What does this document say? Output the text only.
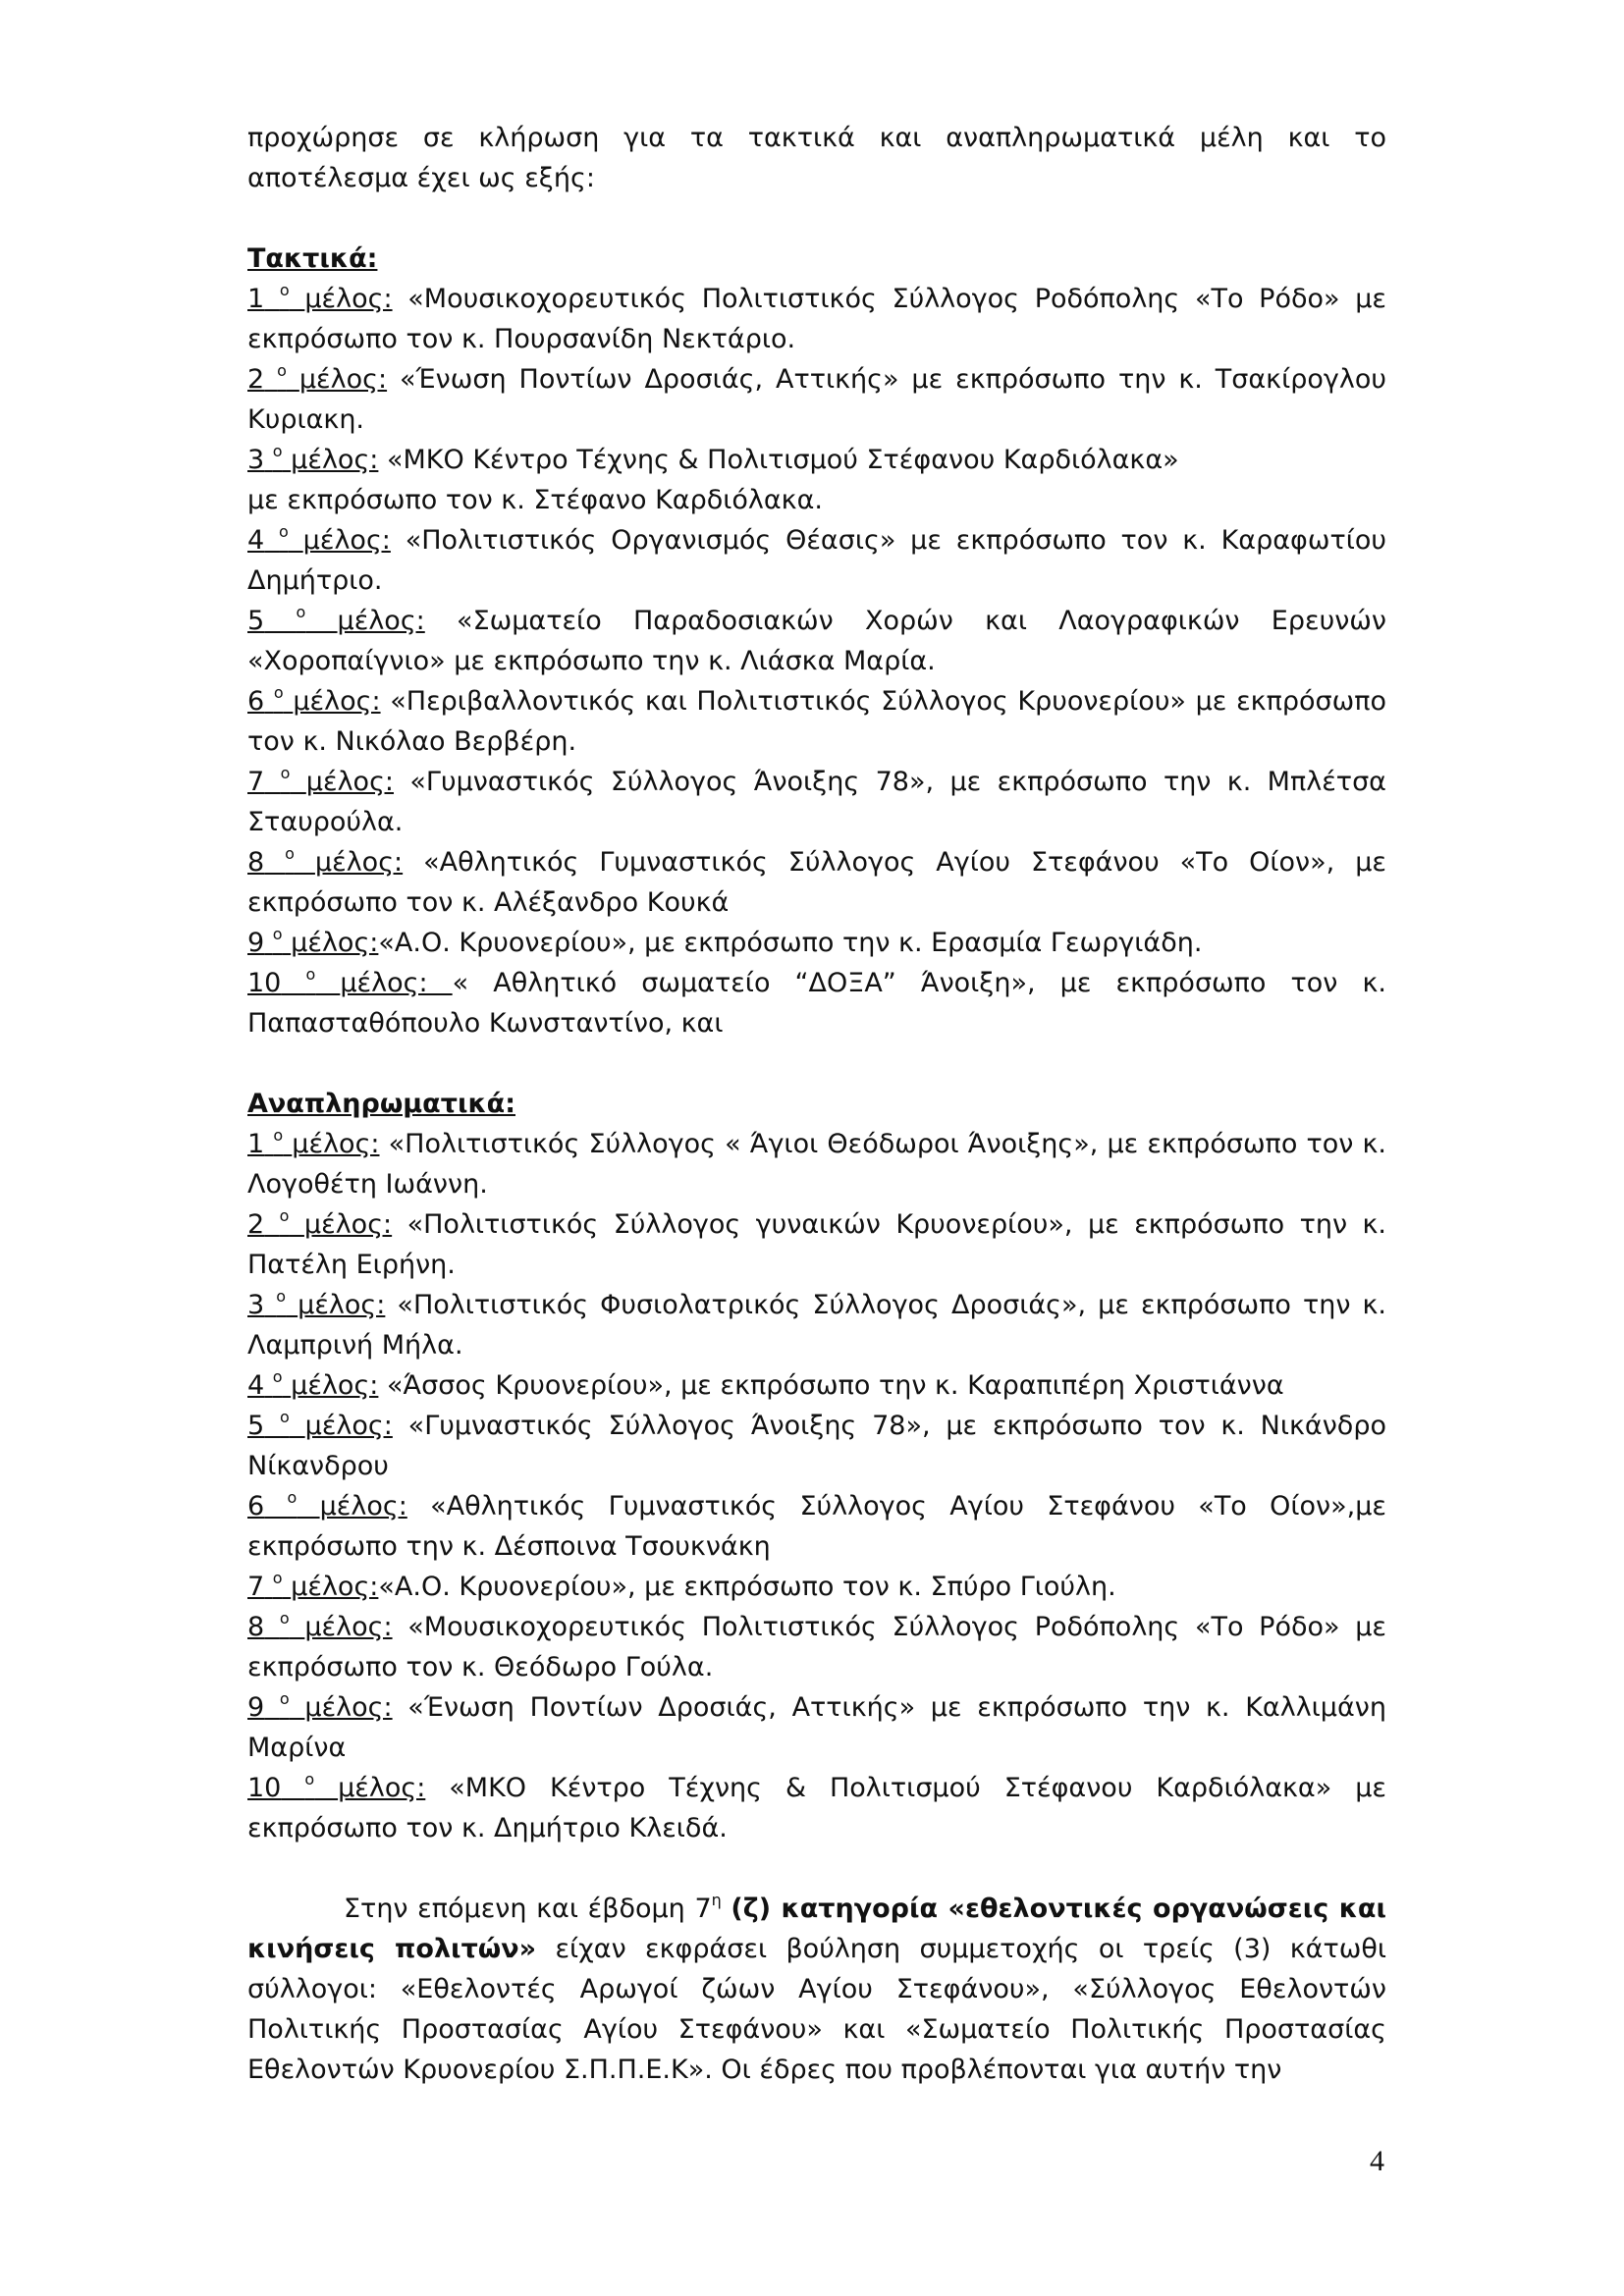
προχώρησε σε κλήρωση για τα τακτικά και αναπληρωματικά μέλη και το αποτέλεσμα έχει ως εξής:

Τακτικά:

1 $^o$ μέλος: «Μουσικοχορευτικός Πολιτιστικός Σύλλογος Ροδόπολης «Το Ρόδο» με εκπρόσωπο τον κ. Πουρσανίδη Νεκτάριο.

2 $^o$ μέλος: «Ένωση Ποντίων Δροσιάς, Αττικής» με εκπρόσωπο την κ. Τσακίρογλου Κυριακη.

3 $^o$ μέλος: «ΜΚΟ Κέντρο Τέχνης & Πολιτισμού Στέφανου Καρδιόλακα»

με εκπρόσωπο τον κ. Στέφανο Καρδιόλακα.

4 $^o$ μέλος: «Πολιτιστικός Οργανισμός Θέασις» με εκπρόσωπο τον κ. Καραφωτίου Δημήτριο.

5 $^o$ μέλος: «Σωματείο Παραδοσιακών Χορών και Λαογραφικών Ερευνών «Χοροπαίγνιο» με εκπρόσωπο την κ. Λιάσκα Μαρία.

6 $^o$ μέλος: «Περιβαλλοντικός και Πολιτιστικός Σύλλογος Κρυονερίου» με εκπρόσωπο τον κ. Νικόλαο Βερβέρη.

7 $^o$ μέλος: «Γυμναστικός Σύλλογος Άνοιξης 78», με εκπρόσωπο την κ. Μπλέτσα Σταυρούλα.

8 $^o$ μέλος: «Αθλητικός Γυμναστικός Σύλλογος Αγίου Στεφάνου «Το Οίον», με εκπρόσωπο τον κ. Αλέξανδρο Κουκά

9 $^o$ μέλος:«Α.Ο. Κρυονερίου», με εκπρόσωπο την κ. Ερασμία Γεωργιάδη.

10 $^o$ μέλος: « Αθλητικό σωματείο “ΔΟΞΑ” Άνοιξη», με εκπρόσωπο τον κ. Παπασταθόπουλο Κωνσταντίνο, και

Αναπληρωματικά:

1 $^o$ μέλος: «Πολιτιστικός Σύλλογος « Άγιοι Θεόδωροι Άνοιξης», με εκπρόσωπο τον κ. Λογοθέτη Ιωάννη.

2 $^o$ μέλος: «Πολιτιστικός Σύλλογος γυναικών Κρυονερίου», με εκπρόσωπο την κ. Πατέλη Ειρήνη.

3 $^o$ μέλος: «Πολιτιστικός Φυσιολατρικός Σύλλογος Δροσιάς», με εκπρόσωπο την κ. Λαμπρινή Μήλα.

4 $^o$ μέλος: «Άσσος Κρυονερίου», με εκπρόσωπο την κ. Καραπιπέρη Χριστιάννα

5 $^o$ μέλος: «Γυμναστικός Σύλλογος Άνοιξης 78», με εκπρόσωπο τον κ. Νικάνδρο Νίκανδρου

6 $^o$ μέλος: «Αθλητικός Γυμναστικός Σύλλογος Αγίου Στεφάνου «Το Οίον»,με εκπρόσωπο την κ. Δέσποινα Τσουκνάκη

7 $^o$ μέλος:«Α.Ο. Κρυονερίου», με εκπρόσωπο τον κ. Σπύρο Γιούλη.

8 $^o$ μέλος: «Μουσικοχορευτικός Πολιτιστικός Σύλλογος Ροδόπολης «Το Ρόδο» με εκπρόσωπο τον κ. Θεόδωρο Γούλα.

9 $^o$ μέλος: «Ένωση Ποντίων Δροσιάς, Αττικής» με εκπρόσωπο την κ. Καλλιμάνη Μαρίνα

10 $^o$ μέλος: «ΜΚΟ Κέντρο Τέχνης & Πολιτισμού Στέφανου Καρδιόλακα» με εκπρόσωπο τον κ. Δημήτριο Κλειδά.

Στην επόμενη και έβδομη $7^\eta$ (ζ) κατηγορία «εθελοντικές οργανώσεις και κινήσεις πολιτών» είχαν εκφράσει βούληση συμμετοχής οι τρείς (3) κάτωθι σύλλογοι: «Εθελοντές Αρωγοί ζώων Αγίου Στεφάνου», «Σύλλογος Εθελοντών Πολιτικής Προστασίας Αγίου Στεφάνου» και «Σωματείο Πολιτικής Προστασίας Εθελοντών Κρυονερίου Σ.Π.Π.Ε.Κ». Οι έδρες που προβλέπονται για αυτήν την

4
